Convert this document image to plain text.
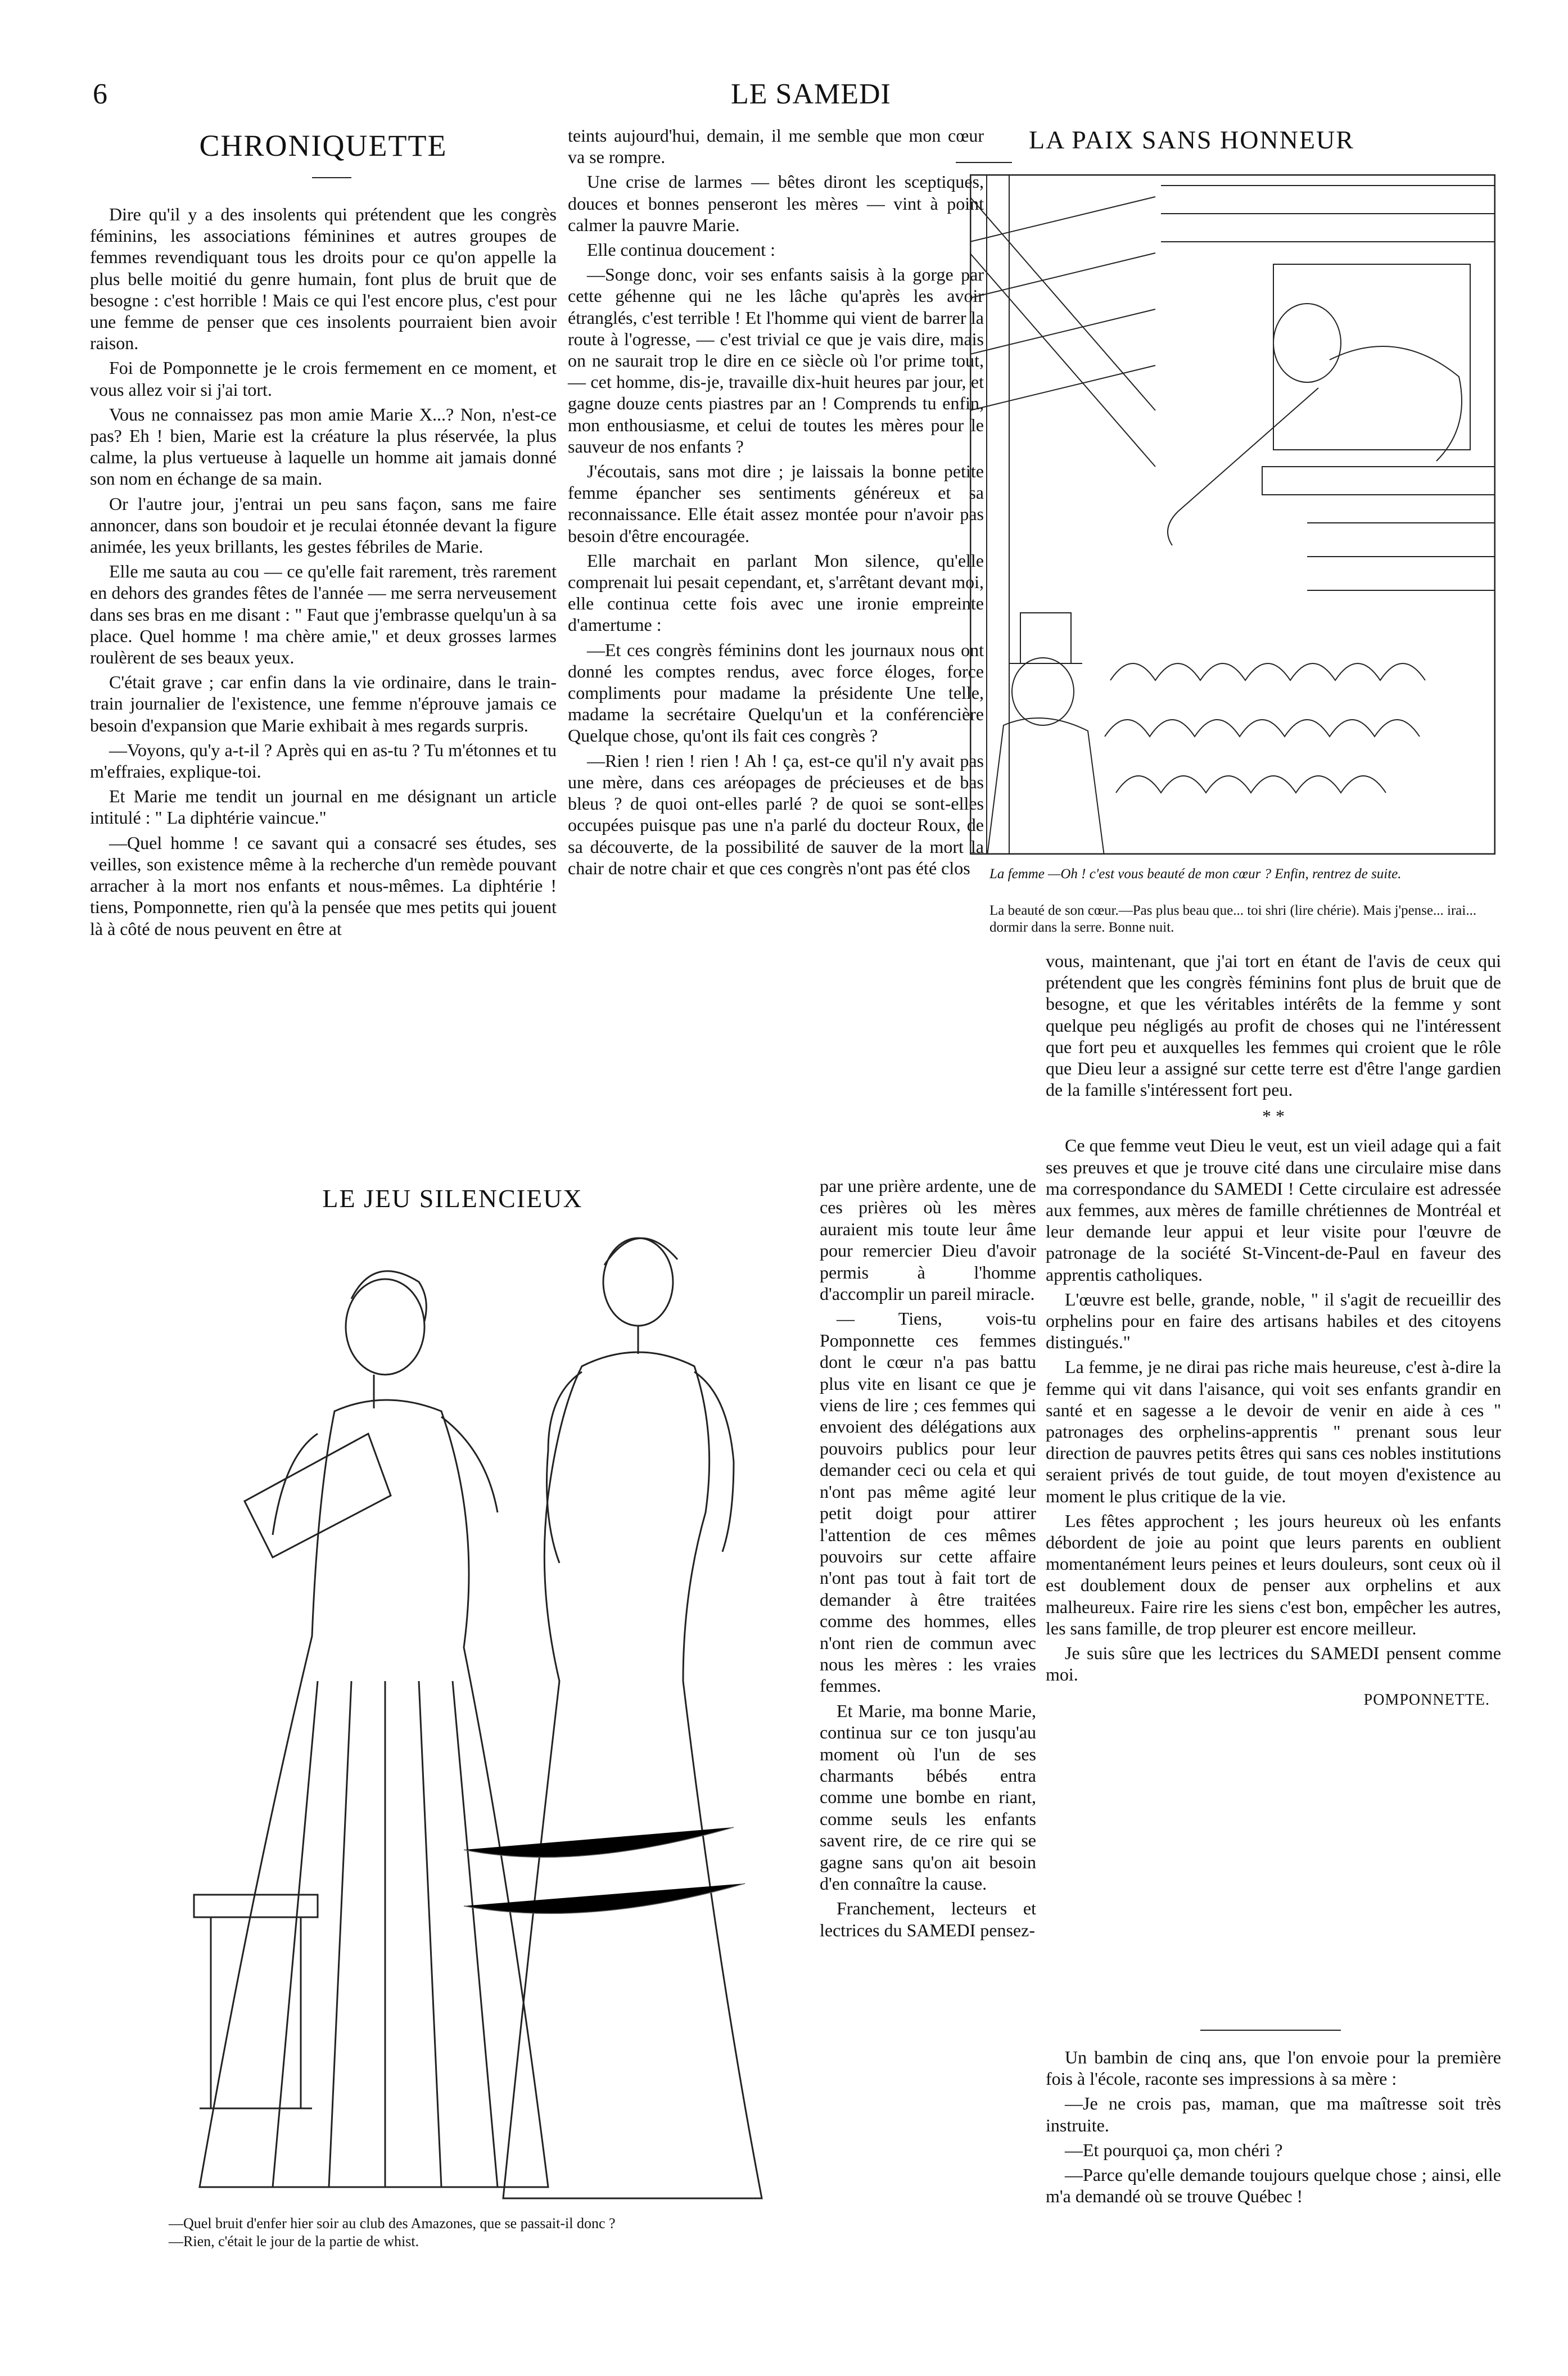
6	LE SAMEDI
CHRONIQUETTE

Dire qu'il y a des insolents qui prétendent que les congrès féminins, les associations féminines et autres groupes de femmes revendiquant tous les droits pour ce qu'on appelle la plus belle moitié du genre humain, font plus de bruit que de besogne : c'est horrible ! Mais ce qui l'est encore plus, c'est pour une femme de penser que ces insolents pourraient bien avoir raison.

Foi de Pomponnette je le crois fermement en ce moment, et vous allez voir si j'ai tort.

Vous ne connaissez pas mon amie Marie X...? Non, n'est-ce pas? Eh ! bien, Marie est la créature la plus réservée, la plus calme, la plus vertueuse à laquelle un homme ait jamais donné son nom en échange de sa main.

Or l'autre jour, j'entrai un peu sans façon, sans me faire annoncer, dans son boudoir et je reculai étonnée devant la figure animée, les yeux brillants, les gestes fébriles de Marie.

Elle me sauta au cou — ce qu'elle fait rarement, très rarement en dehors des grandes fêtes de l'année — me serra nerveusement dans ses bras en me disant : " Faut que j'embrasse quelqu'un à sa place. Quel homme ! ma chère amie," et deux grosses larmes roulèrent de ses beaux yeux.

C'était grave ; car enfin dans la vie ordinaire, dans le train-train journalier de l'existence, une femme n'éprouve jamais ce besoin d'expansion que Marie exhibait à mes regards surpris.

—Voyons, qu'y a-t-il ? Après qui en as-tu ? Tu m'étonnes et tu m'effraies, explique-toi.

Et Marie me tendit un journal en me désignant un article intitulé : " La diphtérie vaincue."

—Quel homme ! ce savant qui a consacré ses études, ses veilles, son existence même à la recherche d'un remède pouvant arracher à la mort nos enfants et nous-mêmes. La diphtérie ! tiens, Pomponnette, rien qu'à la pensée que mes petits qui jouent là à côté de nous peuvent en être at

teints aujourd'hui, demain, il me semble que mon cœur va se rompre.

Une crise de larmes — bêtes diront les sceptiques, douces et bonnes penseront les mères — vint à point calmer la pauvre Marie.

Elle continua doucement :

—Songe donc, voir ses enfants saisis à la gorge par cette géhenne qui ne les lâche qu'après les avoir étranglés, c'est terrible ! Et l'homme qui vient de barrer la route à l'ogresse, — c'est trivial ce que je vais dire, mais on ne saurait trop le dire en ce siècle où l'or prime tout, — cet homme, dis-je, travaille dix-huit heures par jour, et gagne douze cents piastres par an ! Comprends tu enfin, mon enthousiasme, et celui de toutes les mères pour le sauveur de nos enfants ?

J'écoutais, sans mot dire ; je laissais la bonne petite femme épancher ses sentiments généreux et sa reconnaissance. Elle était assez montée pour n'avoir pas besoin d'être encouragée.

Elle marchait en parlant Mon silence, qu'elle comprenait lui pesait cependant, et, s'arrêtant devant moi, elle continua cette fois avec une ironie empreinte d'amertume :

—Et ces congrès féminins dont les journaux nous ont donné les comptes rendus, avec force éloges, force compliments pour madame la présidente Une telle, madame la secrétaire Quelqu'un et la conférencière Quelque chose, qu'ont ils fait ces congrès ?

—Rien ! rien ! rien ! Ah ! ça, est-ce qu'il n'y avait pas une mère, dans ces aréopages de précieuses et de bas bleus ? de quoi ont-elles parlé ? de quoi se sont-elles occupées puisque pas une n'a parlé du docteur Roux, de sa découverte, de la possibilité de sauver de la mort la chair de notre chair et que ces congrès n'ont pas été clos

par une prière ardente, une de ces prières où les mères auraient mis toute leur âme pour remercier Dieu d'avoir permis à l'homme d'accomplir un pareil miracle.

— Tiens, vois-tu Pomponnette ces femmes dont le cœur n'a pas battu plus vite en lisant ce que je viens de lire ; ces femmes qui envoient des délégations aux pouvoirs publics pour leur demander ceci ou cela et qui n'ont pas même agité leur petit doigt pour attirer l'attention de ces mêmes pouvoirs sur cette affaire n'ont pas tout à fait tort de demander à être traitées comme des hommes, elles n'ont rien de commun avec nous les mères : les vraies femmes.

Et Marie, ma bonne Marie, continua sur ce ton jusqu'au moment où l'un de ses charmants bébés entra comme une bombe en riant, comme seuls les enfants savent rire, de ce rire qui se gagne sans qu'on ait besoin d'en connaître la cause.

Franchement, lecteurs et lectrices du SAMEDI pensez-

LE JEU SILENCIEUX
—Quel bruit d'enfer hier soir au club des Amazones, que se passait-il donc ?
—Rien, c'était le jour de la partie de whist.
LA PAIX SANS HONNEUR
La femme —Oh ! c'est vous beauté de mon cœur ? Enfin, rentrez de suite.
La beauté de son cœur.—Pas plus beau que... toi shri (lire chérie). Mais j'pense... irai... dormir dans la serre. Bonne nuit.

vous, maintenant, que j'ai tort en étant de l'avis de ceux qui prétendent que les congrès féminins font plus de bruit que de besogne, et que les véritables intérêts de la femme y sont quelque peu négligés au profit de choses qui ne l'intéressent que fort peu et auxquelles les femmes qui croient que le rôle que Dieu leur a assigné sur cette terre est d'être l'ange gardien de la famille s'intéressent fort peu.

* *

Ce que femme veut Dieu le veut, est un vieil adage qui a fait ses preuves et que je trouve cité dans une circulaire mise dans ma correspondance du SAMEDI ! Cette circulaire est adressée aux femmes, aux mères de famille chrétiennes de Montréal et leur demande leur appui et leur visite pour l'œuvre de patronage de la société St-Vincent-de-Paul en faveur des apprentis catholiques.

L'œuvre est belle, grande, noble, " il s'agit de recueillir des orphelins pour en faire des artisans habiles et des citoyens distingués."

La femme, je ne dirai pas riche mais heureuse, c'est à-dire la femme qui vit dans l'aisance, qui voit ses enfants grandir en santé et en sagesse a le devoir de venir en aide à ces " patronages des orphelins-apprentis " prenant sous leur direction de pauvres petits êtres qui sans ces nobles institutions seraient privés de tout guide, de tout moyen d'existence au moment le plus critique de la vie.

Les fêtes approchent ; les jours heureux où les enfants débordent de joie au point que leurs parents en oublient momentanément leurs peines et leurs douleurs, sont ceux où il est doublement doux de penser aux orphelins et aux malheureux. Faire rire les siens c'est bon, empêcher les autres, les sans famille, de trop pleurer est encore meilleur.

Je suis sûre que les lectrices du SAMEDI pensent comme moi.

POMPONNETTE.

Un bambin de cinq ans, que l'on envoie pour la première fois à l'école, raconte ses impressions à sa mère :

—Je ne crois pas, maman, que ma maîtresse soit très instruite.

—Et pourquoi ça, mon chéri ?

—Parce qu'elle demande toujours quelque chose ; ainsi, elle m'a demandé où se trouve Québec !
